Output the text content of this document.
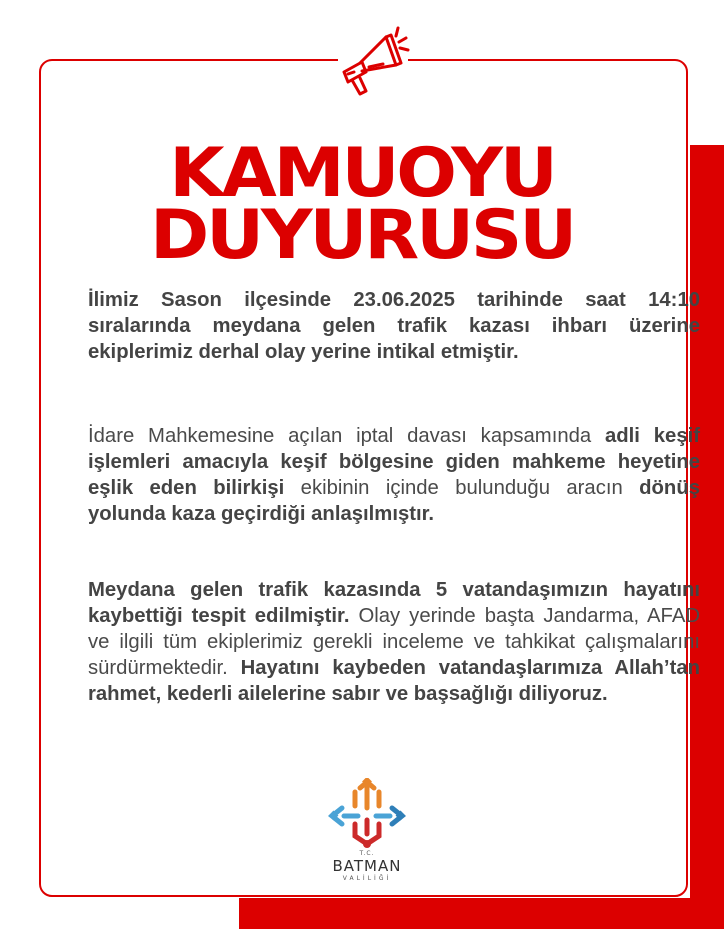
KAMUOYU
DUYURUSU
İlimiz Sason ilçesinde 23.06.2025 tarihinde saat 14:10 sıralarında meydana gelen trafik kazası ihbarı üzerine ekiplerimiz derhal olay yerine intikal etmiştir.
İdare Mahkemesine açılan iptal davası kapsamında adli keşif işlemleri amacıyla keşif bölgesine giden mahkeme heyetine eşlik eden bilirkişi ekibinin içinde bulunduğu aracın dönüş yolunda kaza geçirdiği anlaşılmıştır.
Meydana gelen trafik kazasında 5 vatandaşımızın hayatını kaybettiği tespit edilmiştir. Olay yerinde başta Jandarma, AFAD ve ilgili tüm ekiplerimiz gerekli inceleme ve tahkikat çalışmalarını sürdürmektedir. Hayatını kaybeden vatandaşlarımıza Allah’tan rahmet, kederli ailelerine sabır ve başsağlığı diliyoruz.
T.C.
BATMAN
VALİLİĞİ
